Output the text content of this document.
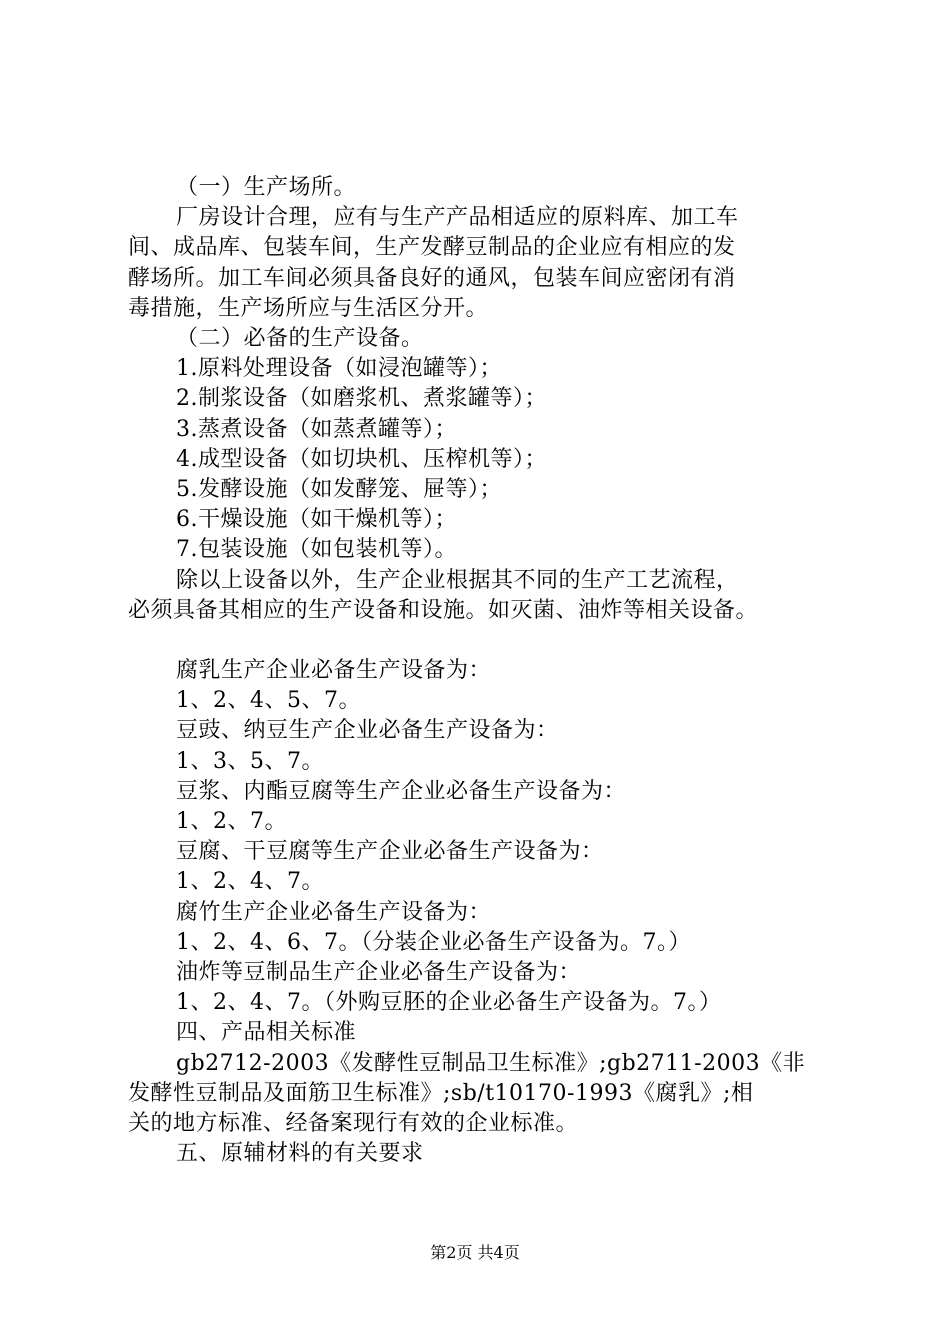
（一）生产场所。
厂房设计合理，应有与生产产品相适应的原料库、加工车
间、成品库、包装车间，生产发酵豆制品的企业应有相应的发
酵场所。加工车间必须具备良好的通风，包装车间应密闭有消
毒措施，生产场所应与生活区分开。
（二）必备的生产设备。
1.原料处理设备（如浸泡罐等）；
2.制浆设备（如磨浆机、煮浆罐等）；
3.蒸煮设备（如蒸煮罐等）；
4.成型设备（如切块机、压榨机等）；
5.发酵设施（如发酵笼、屉等）；
6.干燥设施（如干燥机等）；
7.包装设施（如包装机等）。
除以上设备以外，生产企业根据其不同的生产工艺流程，
必须具备其相应的生产设备和设施。如灭菌、油炸等相关设备。
腐乳生产企业必备生产设备为：
1、2、4、5、7。
豆豉、纳豆生产企业必备生产设备为：
1、3、5、7。
豆浆、内酯豆腐等生产企业必备生产设备为：
1、2、7。
豆腐、干豆腐等生产企业必备生产设备为：
1、2、4、7。
腐竹生产企业必备生产设备为：
1、2、4、6、7。（分装企业必备生产设备为。7。）
油炸等豆制品生产企业必备生产设备为：
1、2、4、7。（外购豆胚的企业必备生产设备为。7。）
四、产品相关标准
gb2712-2003《发酵性豆制品卫生标准》;gb2711-2003《非
发酵性豆制品及面筋卫生标准》;sb/t10170-1993《腐乳》;相
关的地方标准、经备案现行有效的企业标准。
五、原辅材料的有关要求
第2页 共4页
